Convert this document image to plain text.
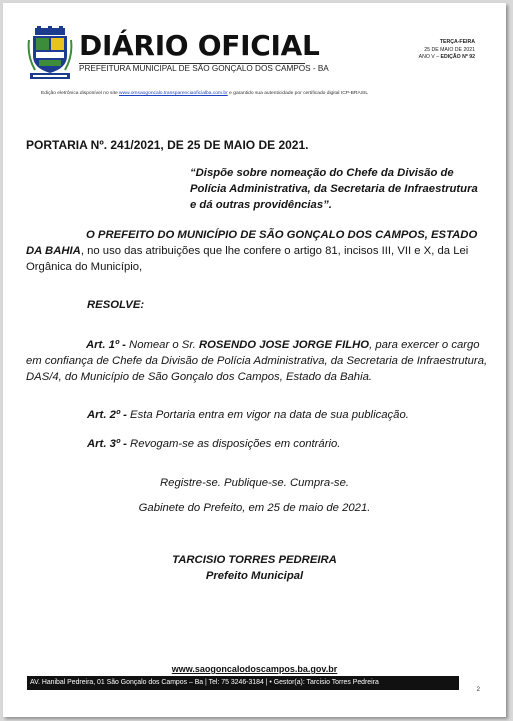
DIÁRIO OFICIAL
PREFEITURA MUNICIPAL DE SÃO GONÇALO DOS CAMPOS - BA
TERÇA-FEIRA
25 DE MAIO DE 2021
ANO V – EDIÇÃO Nº 92
Edição eletrônica disponível no site www.omsaogoncalo.transparenciaoficialba.com.br e garantido sua autenticidade por certificado digital ICP-BRASIL
PORTARIA Nº. 241/2021, DE 25 DE MAIO DE 2021.
“Dispõe sobre nomeação do Chefe da Divisão de Polícia Administrativa, da Secretaria de Infraestrutura e dá outras providências”.
O PREFEITO DO MUNICÍPIO DE SÃO GONÇALO DOS CAMPOS, ESTADO DA BAHIA, no uso das atribuições que lhe confere o artigo 81, incisos III, VII e X, da Lei Orgânica do Município,
RESOLVE:
Art. 1º - Nomear o Sr. ROSENDO JOSE JORGE FILHO, para exercer o cargo em confiança de Chefe da Divisão de Polícia Administrativa, da Secretaria de Infraestrutura, DAS/4, do Município de São Gonçalo dos Campos, Estado da Bahia.
Art. 2º - Esta Portaria entra em vigor na data de sua publicação.
Art. 3º - Revogam-se as disposições em contrário.
Registre-se. Publique-se. Cumpra-se.
Gabinete do Prefeito, em 25 de maio de 2021.
TARCISIO TORRES PEDREIRA
Prefeito Municipal
www.saogoncalodoscampos.ba.gov.br
AV. Hanibal Pedreira, 01 São Gonçalo dos Campos – Ba | Tel: 75 3246-3184 | • Gestor(a): Tarcisio Torres Pedreira
2
